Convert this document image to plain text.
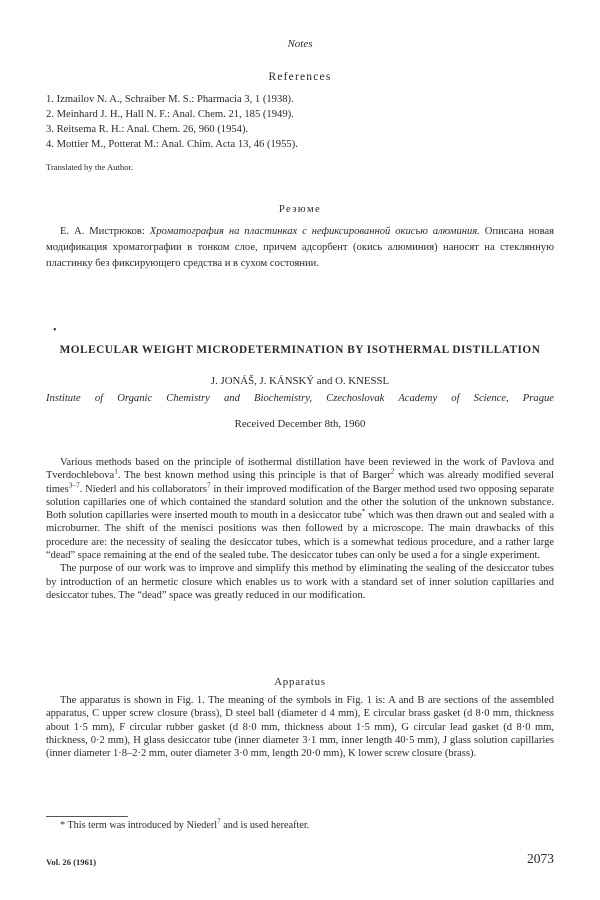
Notes
References
1. Izmailov N. A., Schraiber M. S.: Pharmacia 3, 1 (1938).
2. Meinhard J. H., Hall N. F.: Anal. Chem. 21, 185 (1949).
3. Reitsema R. H.: Anal. Chem. 26, 960 (1954).
4. Mottier M., Potterat M.: Anal. Chim. Acta 13, 46 (1955).
Translated by the Author.
Резюме
Е. А. Мистрюков: Хроматография на пластинках с нефиксированной окисью алюминия. Описана новая модификация хроматографии в тонком слое, причем адсорбент (окись алюминия) наносят на стеклянную пластинку без фиксирующего средства и в сухом состоянии.
•
MOLECULAR WEIGHT MICRODETERMINATION BY ISOTHERMAL DISTILLATION
J. JONÁŠ, J. KÁNSKÝ and O. KNESSL
Institute of Organic Chemistry and Biochemistry, Czechoslovak Academy of Science, Prague
Received December 8th, 1960

Various methods based on the principle of isothermal distillation have been reviewed in the work of Pavlova and Tverdochlebova$^1$. The best known method using this principle is that of Barger$^2$ which was already modified several times$^{3-7}$. Niederl and his collaborators$^7$ in their improved modification of the Barger method used two opposing separate solution capillaries one of which contained the standard solution and the other the solution of the unknown substance. Both solution capillaries were inserted mouth to mouth in a desiccator tube* which was then drawn out and sealed with a microburner. The shift of the menisci positions was then followed by a microscope. The main drawbacks of this procedure are: the necessity of sealing the desiccator tubes, which is a somewhat tedious procedure, and a rather large “dead” space remaining at the end of the sealed tube. The desiccator tubes can only be used a for a single experiment.

The purpose of our work was to improve and simplify this method by eliminating the sealing of the desiccator tubes by introduction of an hermetic closure which enables us to work with a standard set of inner solution capillaries and desiccator tubes. The “dead” space was greatly reduced in our modification.

Apparatus
The apparatus is shown in Fig. 1. The meaning of the symbols in Fig. 1 is: A and B are sections of the assembled apparatus, C upper screw closure (brass), D steel ball (diameter d 4 mm), E circular brass gasket (d 8·0 mm, thickness about 1·5 mm), F circular rubber gasket (d 8·0 mm, thickness about 1·5 mm), G circular lead gasket (d 8·0 mm, thickness, 0·2 mm), H glass desiccator tube (inner diameter 3·1 mm, inner length 40·5 mm), J glass solution capillaries (inner diameter 1·8–2·2 mm, outer diameter 3·0 mm, length 20·0 mm), K lower screw closure (brass).
* This term was introduced by Niederl$^7$ and is used hereafter.
Vol. 26 (1961)	2073
